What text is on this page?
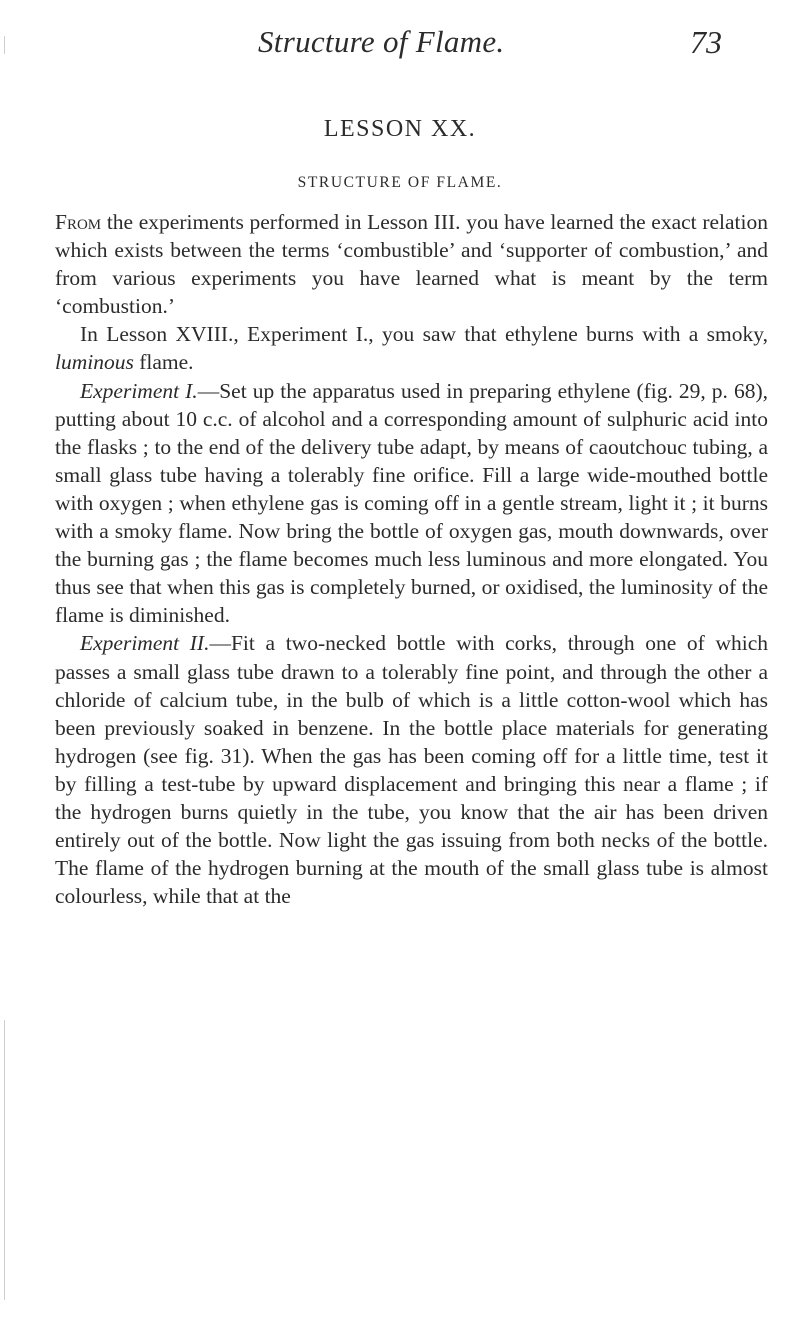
Structure of Flame.	73
LESSON XX.
STRUCTURE OF FLAME.

From the experiments performed in Lesson III. you have learned the exact relation which exists between the terms ‘combustible’ and ‘supporter of combustion,’ and from various experiments you have learned what is meant by the term ‘combustion.’

In Lesson XVIII., Experiment I., you saw that ethylene burns with a smoky, luminous flame.

Experiment I.—Set up the apparatus used in preparing ethylene (fig. 29, p. 68), putting about 10 c.c. of alcohol and a corresponding amount of sulphuric acid into the flasks ; to the end of the delivery tube adapt, by means of caoutchouc tubing, a small glass tube having a tolerably fine orifice. Fill a large wide-mouthed bottle with oxygen ; when ethylene gas is coming off in a gentle stream, light it ; it burns with a smoky flame. Now bring the bottle of oxygen gas, mouth downwards, over the burning gas ; the flame becomes much less luminous and more elongated. You thus see that when this gas is completely burned, or oxidised, the luminosity of the flame is diminished.

Experiment II.—Fit a two-necked bottle with corks, through one of which passes a small glass tube drawn to a tolerably fine point, and through the other a chloride of calcium tube, in the bulb of which is a little cotton-wool which has been previously soaked in benzene. In the bottle place materials for generating hydrogen (see fig. 31). When the gas has been coming off for a little time, test it by filling a test-tube by upward displacement and bringing this near a flame ; if the hydrogen burns quietly in the tube, you know that the air has been driven entirely out of the bottle. Now light the gas issuing from both necks of the bottle. The flame of the hydrogen burning at the mouth of the small glass tube is almost colourless, while that at the
